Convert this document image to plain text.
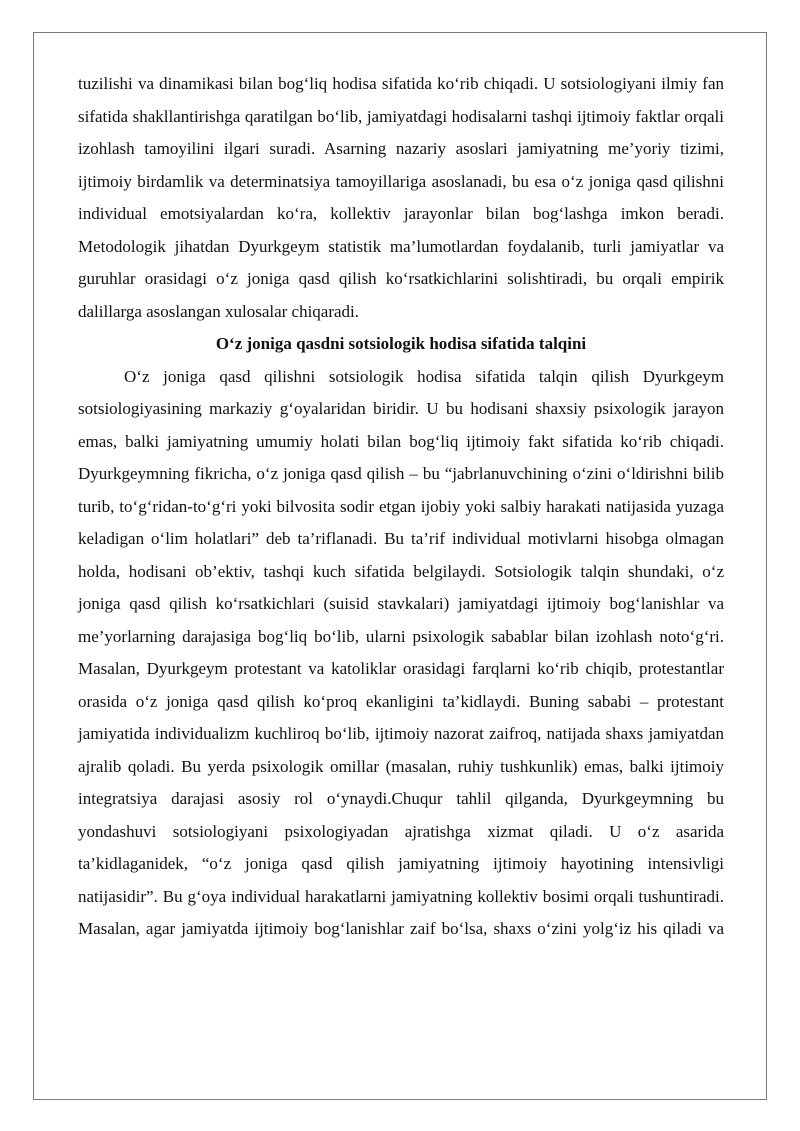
tuzilishi va dinamikasi bilan bog‘liq hodisa sifatida ko‘rib chiqadi. U sotsiologiyani ilmiy fan sifatida shakllantirishga qaratilgan bo‘lib, jamiyatdagi hodisalarni tashqi ijtimoiy faktlar orqali izohlash tamoyilini ilgari suradi. Asarning nazariy asoslari jamiyatning me’yoriy tizimi, ijtimoiy birdamlik va determinatsiya tamoyillariga asoslanadi, bu esa o‘z joniga qasd qilishni individual emotsiyalardan ko‘ra, kollektiv jarayonlar bilan bog‘lashga imkon beradi. Metodologik jihatdan Dyurkgeym statistik ma’lumotlardan foydalanib, turli jamiyatlar va guruhlar orasidagi o‘z joniga qasd qilish ko‘rsatkichlarini solishtiradi, bu orqali empirik dalillarga asoslangan xulosalar chiqaradi.

O‘z joniga qasdni sotsiologik hodisa sifatida talqini

O‘z joniga qasd qilishni sotsiologik hodisa sifatida talqin qilish Dyurkgeym sotsiologiyasining markaziy g‘oyalaridan biridir. U bu hodisani shaxsiy psixologik jarayon emas, balki jamiyatning umumiy holati bilan bog‘liq ijtimoiy fakt sifatida ko‘rib chiqadi. Dyurkgeymning fikricha, o‘z joniga qasd qilish – bu “jabrlanuvchining o‘zini o‘ldirishni bilib turib, to‘g‘ridan-to‘g‘ri yoki bilvosita sodir etgan ijobiy yoki salbiy harakati natijasida yuzaga keladigan o‘lim holatlari” deb ta’riflanadi. Bu ta’rif individual motivlarni hisobga olmagan holda, hodisani ob’ektiv, tashqi kuch sifatida belgilaydi. Sotsiologik talqin shundaki, o‘z joniga qasd qilish ko‘rsatkichlari (suisid stavkalari) jamiyatdagi ijtimoiy bog‘lanishlar va me’yorlarning darajasiga bog‘liq bo‘lib, ularni psixologik sabablar bilan izohlash noto‘g‘ri. Masalan, Dyurkgeym protestant va katoliklar orasidagi farqlarni ko‘rib chiqib, protestantlar orasida o‘z joniga qasd qilish ko‘proq ekanligini ta’kidlaydi. Buning sababi – protestant jamiyatida individualizm kuchliroq bo‘lib, ijtimoiy nazorat zaifroq, natijada shaxs jamiyatdan ajralib qoladi. Bu yerda psixologik omillar (masalan, ruhiy tushkunlik) emas, balki ijtimoiy integratsiya darajasi asosiy rol o‘ynaydi.Chuqur tahlil qilganda, Dyurkgeymning bu yondashuvi sotsiologiyani psixologiyadan ajratishga xizmat qiladi. U o‘z asarida ta’kidlaganidek, “o‘z joniga qasd qilish jamiyatning ijtimoiy hayotining intensivligi natijasidir”. Bu g‘oya individual harakatlarni jamiyatning kollektiv bosimi orqali tushuntiradi. Masalan, agar jamiyatda ijtimoiy bog‘lanishlar zaif bo‘lsa, shaxs o‘zini yolg‘iz his qiladi va
